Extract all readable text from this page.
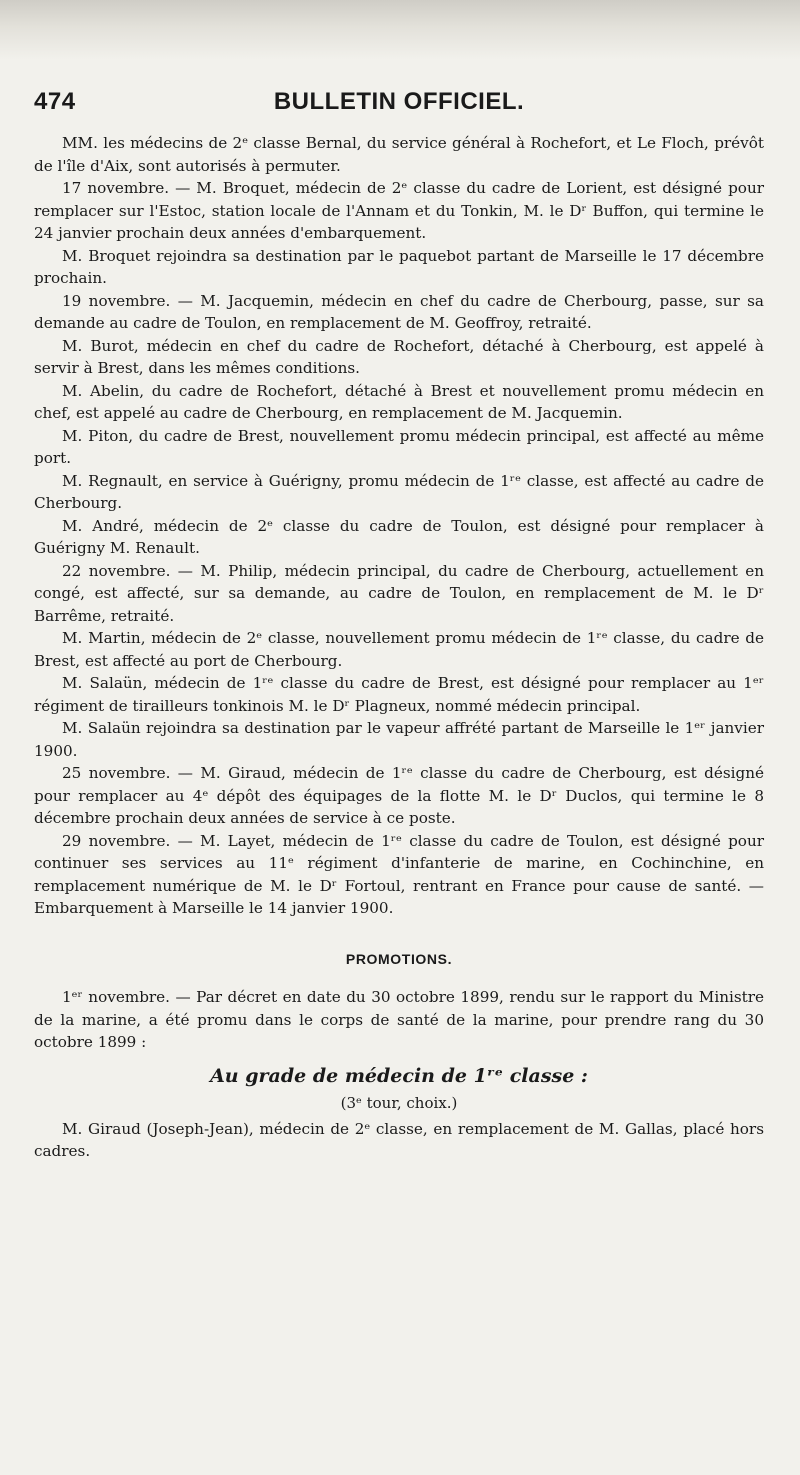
474	BULLETIN OFFICIEL.

MM. les médecins de 2ᵉ classe Bernal, du service général à Rochefort, et Le Floch, prévôt de l'île d'Aix, sont autorisés à permuter.

17 novembre. — M. Broquet, médecin de 2ᵉ classe du cadre de Lorient, est désigné pour remplacer sur l'Estoc, station locale de l'Annam et du Tonkin, M. le Dʳ Buffon, qui termine le 24 janvier prochain deux années d'embarquement.

M. Broquet rejoindra sa destination par le paquebot partant de Marseille le 17 décembre prochain.

19 novembre. — M. Jacquemin, médecin en chef du cadre de Cherbourg, passe, sur sa demande au cadre de Toulon, en remplacement de M. Geoffroy, retraité.

M. Burot, médecin en chef du cadre de Rochefort, détaché à Cherbourg, est appelé à servir à Brest, dans les mêmes conditions.

M. Abelin, du cadre de Rochefort, détaché à Brest et nouvellement promu médecin en chef, est appelé au cadre de Cherbourg, en remplacement de M. Jacquemin.

M. Piton, du cadre de Brest, nouvellement promu médecin principal, est affecté au même port.

M. Regnault, en service à Guérigny, promu médecin de 1ʳᵉ classe, est affecté au cadre de Cherbourg.

M. André, médecin de 2ᵉ classe du cadre de Toulon, est désigné pour remplacer à Guérigny M. Renault.

22 novembre. — M. Philip, médecin principal, du cadre de Cherbourg, actuellement en congé, est affecté, sur sa demande, au cadre de Toulon, en remplacement de M. le Dʳ Barrême, retraité.

M. Martin, médecin de 2ᵉ classe, nouvellement promu médecin de 1ʳᵉ classe, du cadre de Brest, est affecté au port de Cherbourg.

M. Salaün, médecin de 1ʳᵉ classe du cadre de Brest, est désigné pour remplacer au 1ᵉʳ régiment de tirailleurs tonkinois M. le Dʳ Plagneux, nommé médecin principal.

M. Salaün rejoindra sa destination par le vapeur affrété partant de Marseille le 1ᵉʳ janvier 1900.

25 novembre. — M. Giraud, médecin de 1ʳᵉ classe du cadre de Cherbourg, est désigné pour remplacer au 4ᵉ dépôt des équipages de la flotte M. le Dʳ Duclos, qui termine le 8 décembre prochain deux années de service à ce poste.

29 novembre. — M. Layet, médecin de 1ʳᵉ classe du cadre de Toulon, est désigné pour continuer ses services au 11ᵉ régiment d'infanterie de marine, en Cochinchine, en remplacement numérique de M. le Dʳ Fortoul, rentrant en France pour cause de santé. — Embarquement à Marseille le 14 janvier 1900.

PROMOTIONS.

1ᵉʳ novembre. — Par décret en date du 30 octobre 1899, rendu sur le rapport du Ministre de la marine, a été promu dans le corps de santé de la marine, pour prendre rang du 30 octobre 1899 :

Au grade de médecin de 1ʳᵉ classe :
(3ᵉ tour, choix.)

M. Giraud (Joseph-Jean), médecin de 2ᵉ classe, en remplacement de M. Gallas, placé hors cadres.
